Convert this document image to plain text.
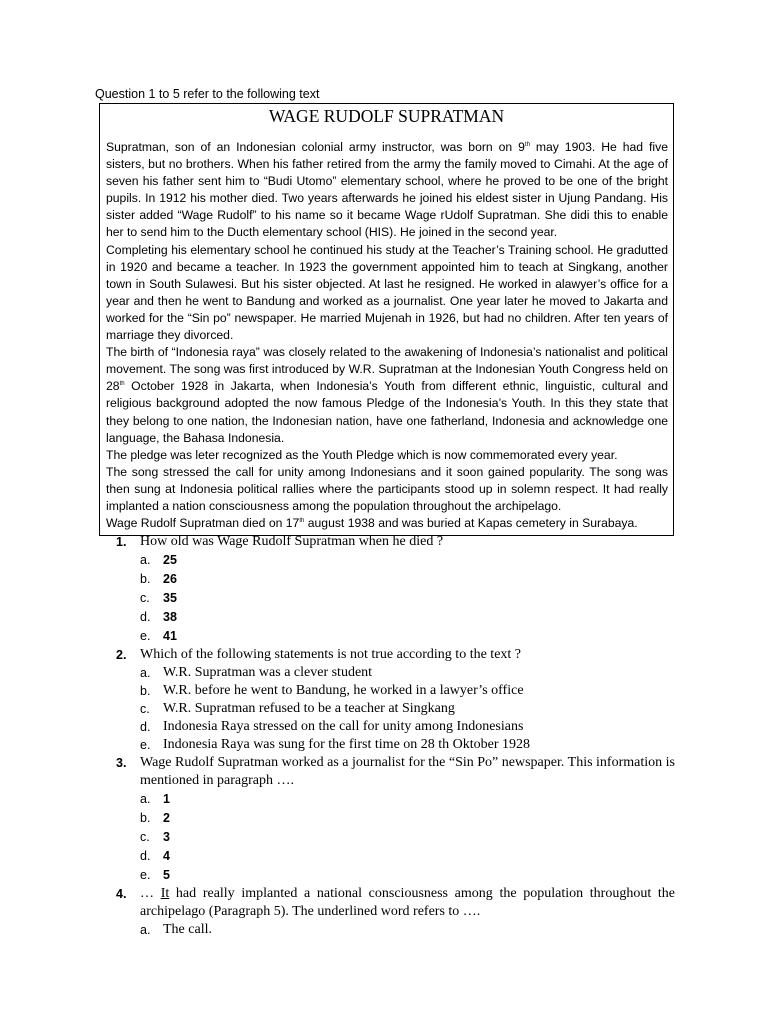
Question 1 to 5 refer to the following text
WAGE RUDOLF SUPRATMAN

Supratman, son of an Indonesian colonial army instructor, was born on 9th may 1903. He had five sisters, but no brothers. When his father retired from the army the family moved to Cimahi. At the age of seven his father sent him to “Budi Utomo” elementary school, where he proved to be one of the bright pupils. In 1912 his mother died. Two years afterwards he joined his eldest sister in Ujung Pandang. His sister added “Wage Rudolf” to his name so it became Wage rUdolf Supratman. She didi this to enable her to send him to the Ducth elementary school (HIS). He joined in the second year.

Completing his elementary school he continued his study at the Teacher’s Training school. He gradutted in 1920 and became a teacher. In 1923 the government appointed him to teach at Singkang, another town in South Sulawesi. But his sister objected. At last he resigned. He worked in alawyer’s office for a year and then he went to Bandung and worked as a journalist. One year later he moved to Jakarta and worked for the “Sin po” newspaper. He married Mujenah in 1926, but had no children. After ten years of marriage they divorced.

The birth of “Indonesia raya” was closely related to the awakening of Indonesia’s nationalist and political movement. The song was first introduced by W.R. Supratman at the Indonesian Youth Congress held on 28th October 1928 in Jakarta, when Indonesia’s Youth from different ethnic, linguistic, cultural and religious background adopted the now famous Pledge of the Indonesia’s Youth. In this they state that they belong to one nation, the Indonesian nation, have one fatherland, Indonesia and acknowledge one language, the Bahasa Indonesia.

The pledge was leter recognized as the Youth Pledge which is now commemorated every year.

The song stressed the call for unity among Indonesians and it soon gained popularity. The song was then sung at Indonesia political rallies where the participants stood up in solemn respect. It had really implanted a nation consciousness among the population throughout the archipelago.

Wage Rudolf Supratman died on 17th august 1938 and was buried at Kapas cemetery in Surabaya.

1. How old was Wage Rudolf Supratman when he died ?
a. 25
b. 26
c. 35
d. 38
e. 41
2. Which of the following statements is not true according to the text ?
a. W.R. Supratman was a clever student
b. W.R. before he went to Bandung, he worked in a lawyer’s office
c. W.R. Supratman refused to be a teacher at Singkang
d. Indonesia Raya stressed on the call for unity among Indonesians
e. Indonesia Raya was sung for the first time on 28 th Oktober 1928
3. Wage Rudolf Supratman worked as a journalist for the “Sin Po” newspaper. This information is mentioned in paragraph ….
a. 1
b. 2
c. 3
d. 4
e. 5
4. … It had really implanted a national consciousness among the population throughout the archipelago (Paragraph 5). The underlined word refers to ….
a. The call.
